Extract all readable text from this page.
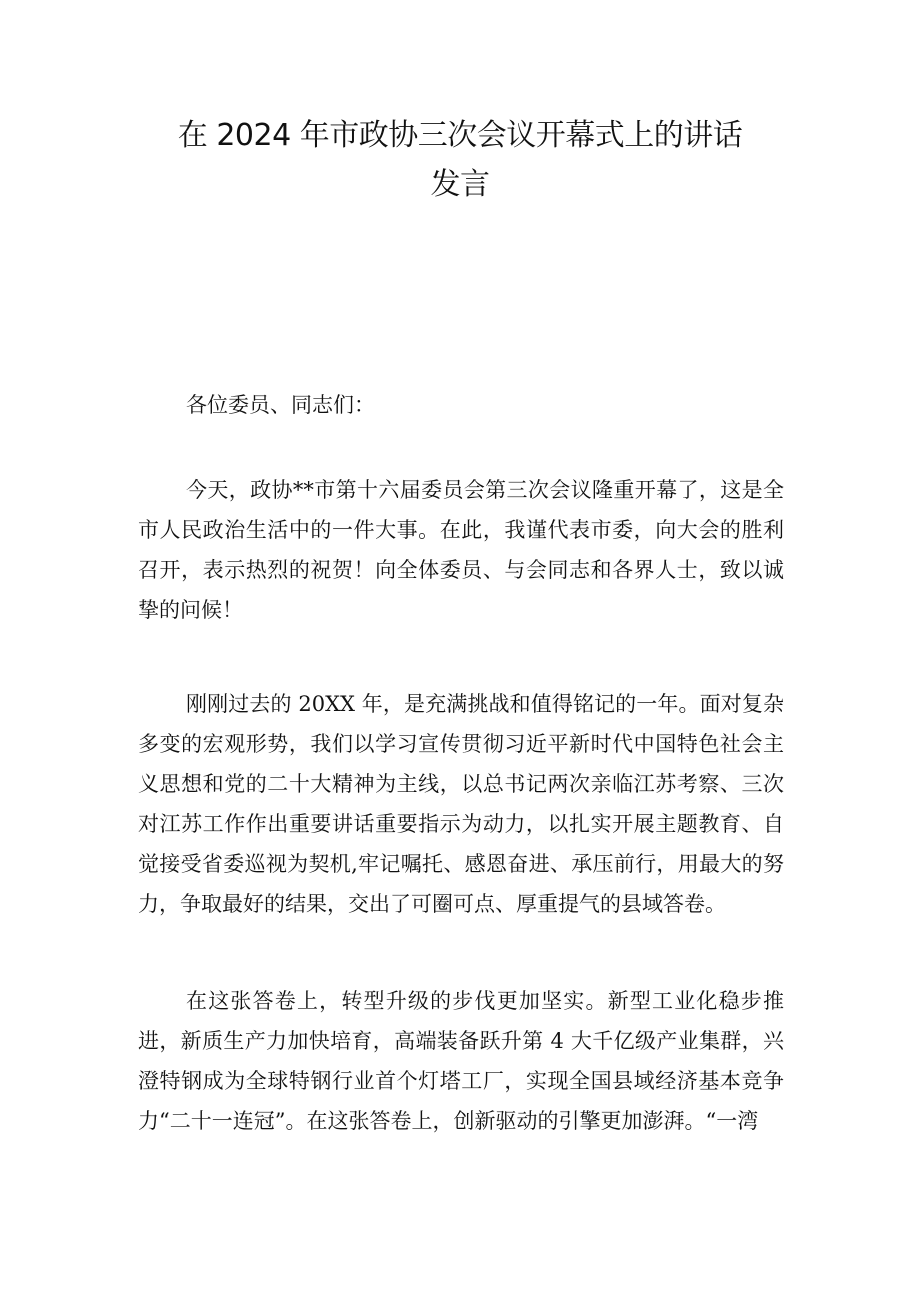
在 2024 年市政协三次会议开幕式上的讲话
发言
各位委员、同志们：
今天，政协**市第十六届委员会第三次会议隆重开幕了，这是全市人民政治生活中的一件大事。在此，我谨代表市委，向大会的胜利召开，表示热烈的祝贺！向全体委员、与会同志和各界人士，致以诚挚的问候！
刚刚过去的 20XX 年，是充满挑战和值得铭记的一年。面对复杂多变的宏观形势，我们以学习宣传贯彻习近平新时代中国特色社会主义思想和党的二十大精神为主线，以总书记两次亲临江苏考察、三次对江苏工作作出重要讲话重要指示为动力，以扎实开展主题教育、自觉接受省委巡视为契机,牢记嘱托、感恩奋进、承压前行，用最大的努力，争取最好的结果，交出了可圈可点、厚重提气的县域答卷。
在这张答卷上，转型升级的步伐更加坚实。新型工业化稳步推进，新质生产力加快培育，高端装备跃升第 4 大千亿级产业集群，兴澄特钢成为全球特钢行业首个灯塔工厂，实现全国县域经济基本竞争力“二十一连冠”。在这张答卷上，创新驱动的引擎更加澎湃。“一湾
